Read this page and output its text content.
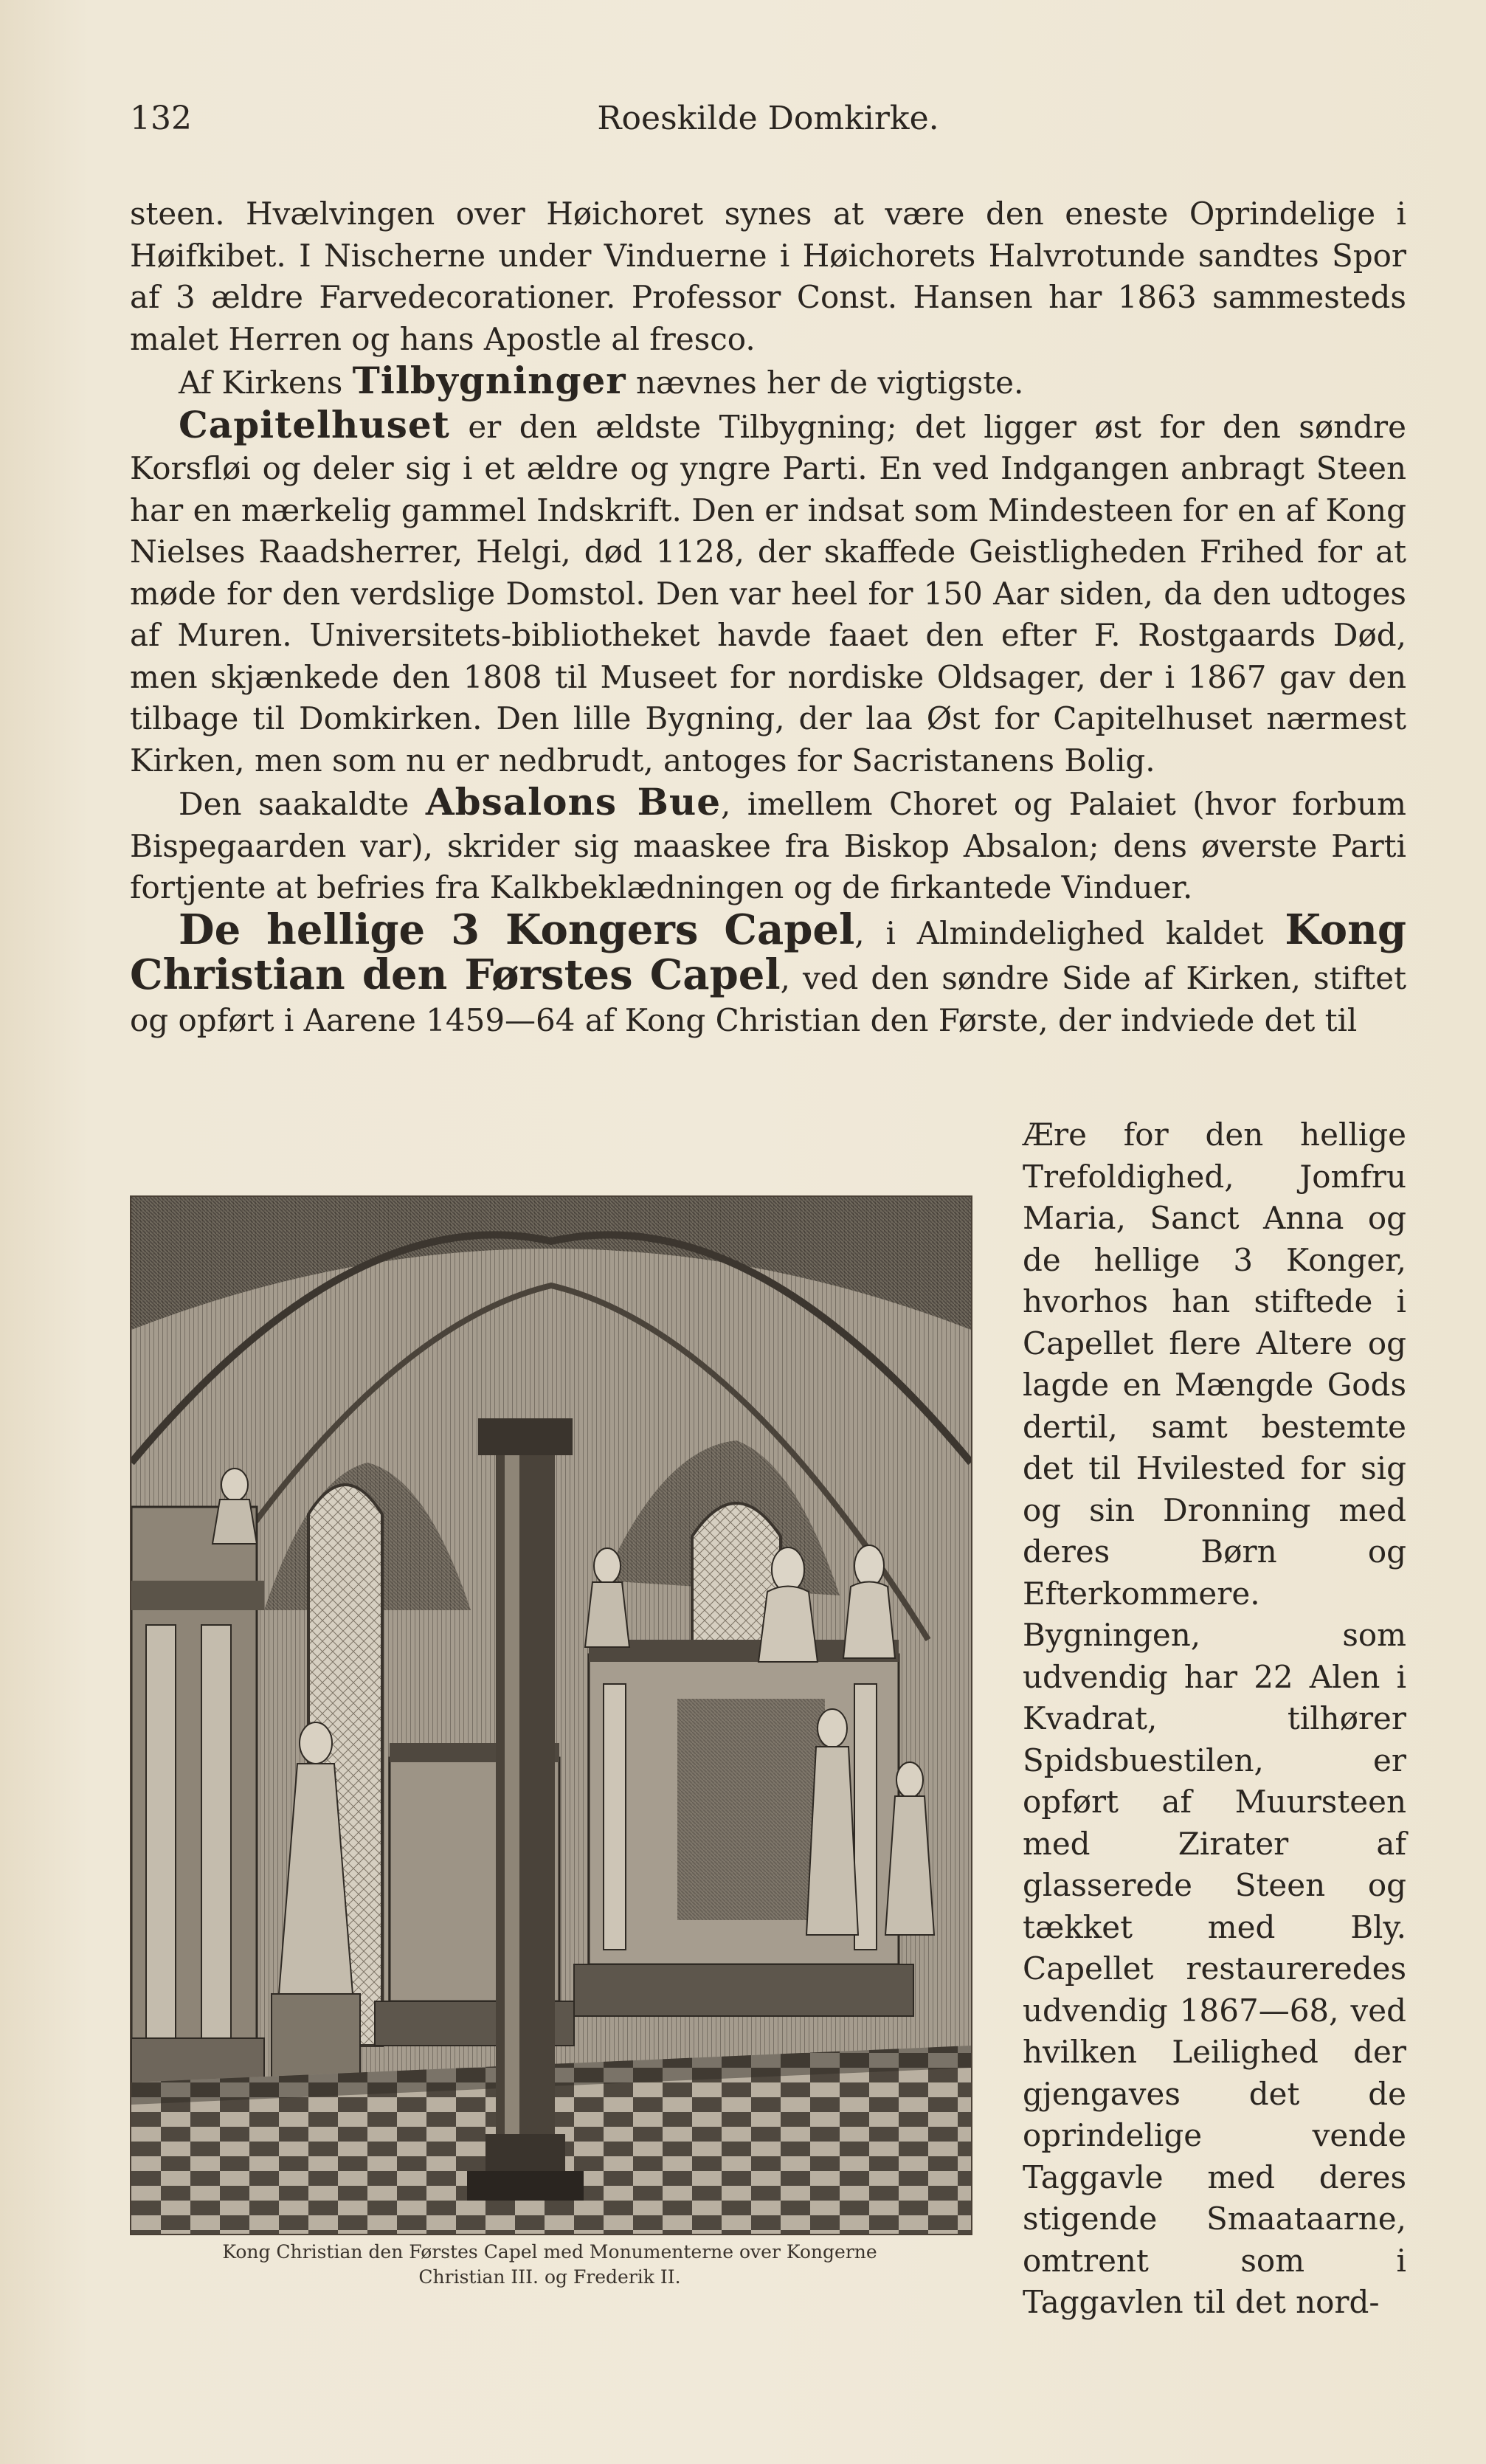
132	Roeskilde Domkirke.

steen. Hvælvingen over Høichoret synes at være den eneste Oprindelige i Høifkibet. I Nischerne under Vinduerne i Høichorets Halvrotunde sandtes Spor af 3 ældre Farvedecorationer. Professor Const. Hansen har 1863 sammesteds malet Herren og hans Apostle al fresco.

Af Kirkens Tilbygninger nævnes her de vigtigste.

Capitelhuset er den ældste Tilbygning; det ligger øst for den søndre Korsfløi og deler sig i et ældre og yngre Parti. En ved Indgangen anbragt Steen har en mærkelig gammel Indskrift. Den er indsat som Mindesteen for en af Kong Nielses Raadsherrer, Helgi, død 1128, der skaffede Geistligheden Frihed for at møde for den verdslige Domstol. Den var heel for 150 Aar siden, da den udtoges af Muren. Universitets-bibliotheket havde faaet den efter F. Rostgaards Død, men skjænkede den 1808 til Museet for nordiske Oldsager, der i 1867 gav den tilbage til Domkirken. Den lille Bygning, der laa Øst for Capitelhuset nærmest Kirken, men som nu er nedbrudt, antoges for Sacristanens Bolig.

Den saakaldte Absalons Bue, imellem Choret og Palaiet (hvor forbum Bispegaarden var), skrider sig maaskee fra Biskop Absalon; dens øverste Parti fortjente at befries fra Kalkbeklædningen og de firkantede Vinduer.

De hellige 3 Kongers Capel, i Almindelighed kaldet Kong Christian den Førstes Capel, ved den søndre Side af Kirken, stiftet og opført i Aarene 1459—64 af Kong Christian den Første, der indviede det til

Ære for den hellige Trefoldighed, Jomfru Maria, Sanct Anna og de hellige 3 Konger, hvorhos han stiftede i Capellet flere Altere og lagde en Mængde Gods dertil, samt bestemte det til Hvilested for sig og sin Dronning med deres Børn og Efterkommere. Bygningen, som udvendig har 22 Alen i Kvadrat, tilhører Spidsbuestilen, er opført af Muursteen med Zirater af glasserede Steen og tækket med Bly. Capellet restaureredes udvendig 1867—68, ved hvilken Leilighed der gjengaves det de oprindelige vende Taggavle med deres stigende Smaataarne, omtrent som i Taggavlen til det nord-

Kong Christian den Førstes Capel med Monumenterne over Kongerne
Christian III. og Frederik II.
